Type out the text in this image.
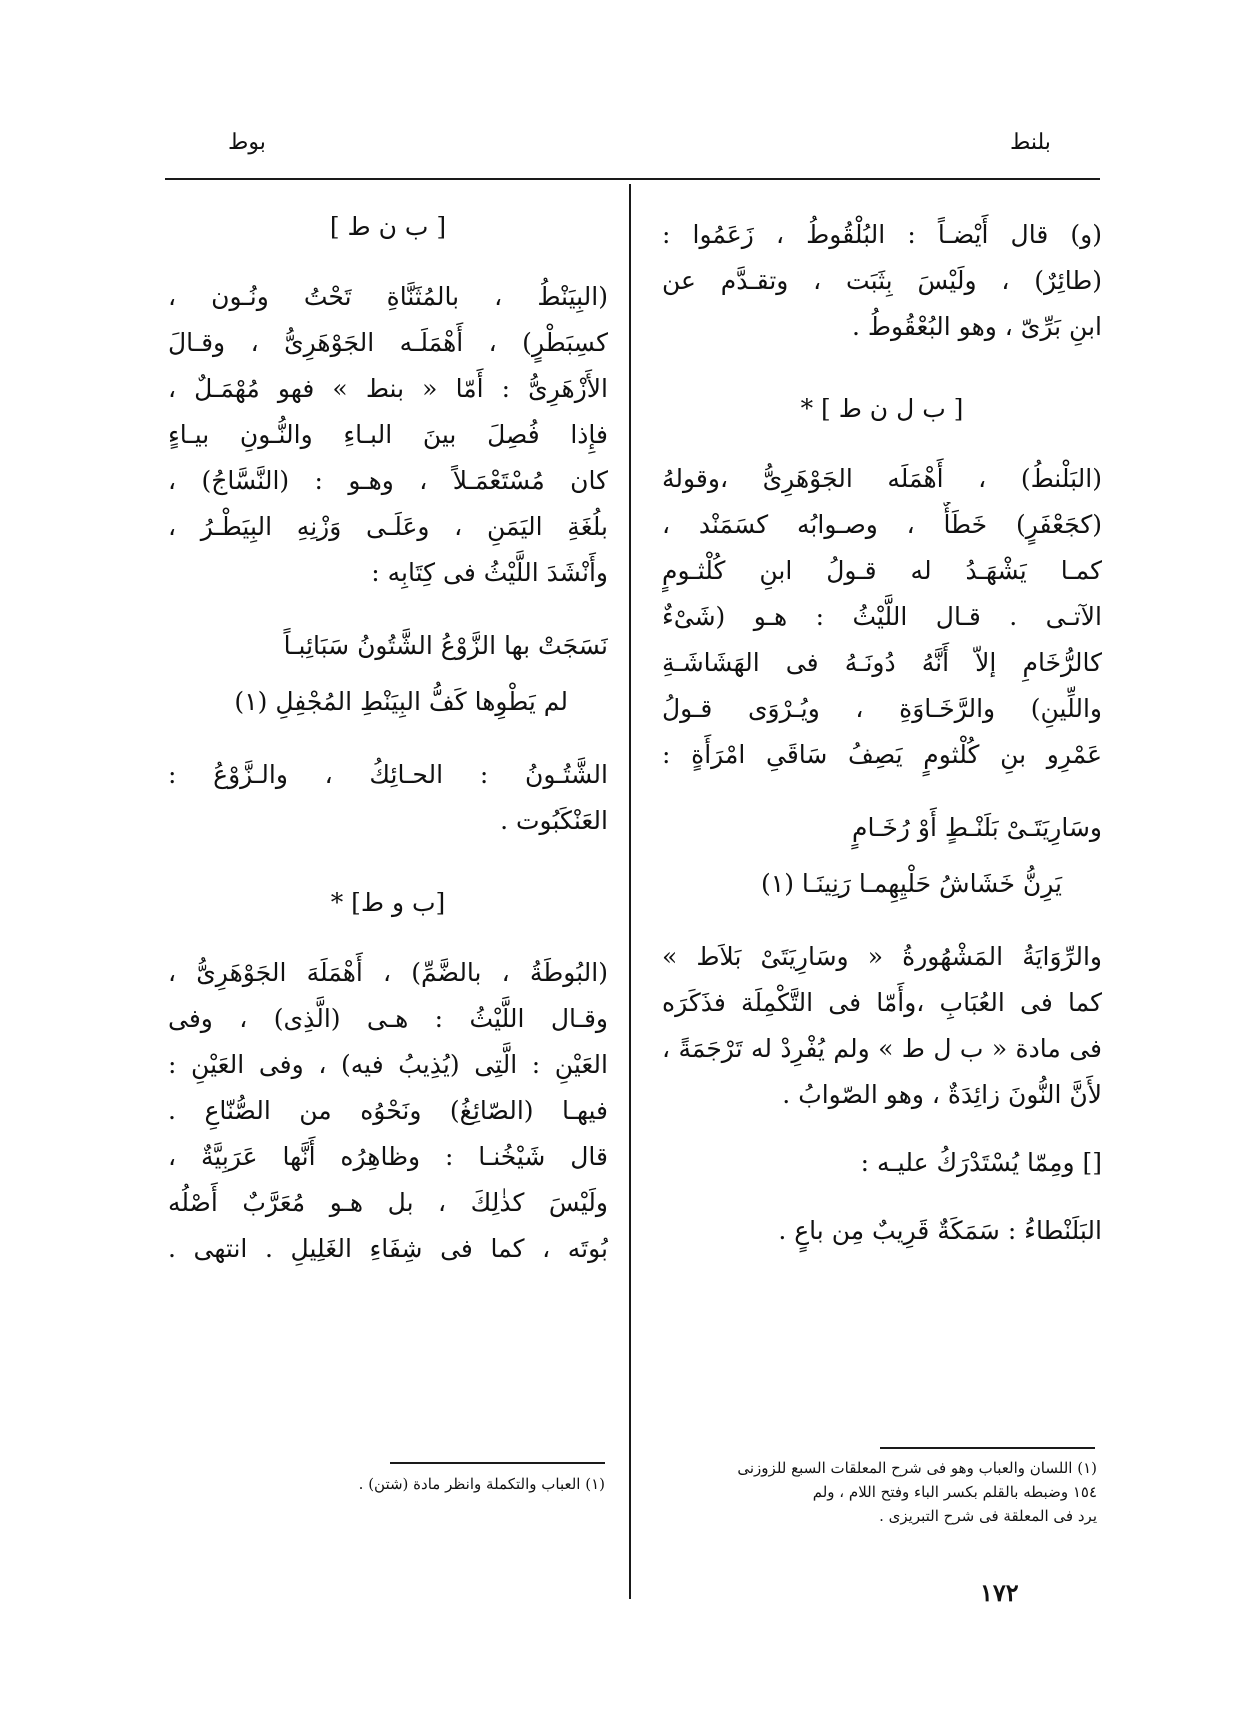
بلنط
بوط
(و) قال أَيْضـاً : البُلْقُوطُ ، زَعَمُوا :
(طائِرٌ) ، ولَيْسَ بِثَبَت ، وتقـدَّم عن
ابنِ بَرِّىّ ، وهو البُعْقُوطُ .
[ ب ل ن ط ] *
(البَلْنطُ) ، أَهْمَلَه الجَوْهَرِىُّ ،وقولهُ
(كجَعْفَرٍ) خَطَأٌ ، وصـوابُه كسَمَنْد ،
كمـا يَشْهَـدُ له قـولُ ابنِ كُلْثـومٍ
الآتـى . قـال اللَّيْثُ : هـو (شَىْءٌ
كالرُّخَامِ إلاّ أَنَّهُ دُونَـهُ فى الهَشَاشَـةِ
واللِّينِ) والرَّخَـاوَةِ ، ويُـرْوَى قـولُ
عَمْرِو بنِ كُلْثومٍ يَصِفُ سَاقَىِ امْرَأَةٍ :
وسَارِيَتَـىْ بَلَنْـطٍ أَوْ رُخَـامٍ
يَرِنُّ خَشَاشُ حَلْيِهِمـا رَنِينَـا (١)
والرِّوَايَةُ المَشْهُورةُ « وسَارِيَتَىْ بَلاَط »
كما فى العُبَابِ ،وأَمّا فى التَّكْمِلَة فذَكَرَه
فى مادة « ب ل ط » ولم يُفْرِدْ له تَرْجَمَةً ،
لأَنَّ النُّونَ زائِدَةٌ ، وهو الصّوابُ .
[] ومِمّا يُسْتَدْرَكُ عليـه :
البَلَنْطاءُ : سَمَكَةٌ قَرِيبٌ مِن باعٍ .
[ ب ن ط ]
(البِيَنْطُ ، بالمُثَنَّاةِ تَحْتُ ونُـون ،
كسِبَطْرٍ) ، أَهْمَلَـه الجَوْهَرِىُّ ، وقـالَ
الأَزْهَرِىُّ : أَمّا « بنط » فهو مُهْمَـلٌ ،
فإِذا فُصِلَ بينَ البـاءِ والنُّـونِ بيـاءٍ
كان مُسْتَعْمَـلاً ، وهـو : (النَّسَّاجُ) ،
بلُغَةِ اليَمَنِ ، وعَلَـى وَزْنِهِ البِيَطْـرُ ،
وأَنْشَدَ اللَّيْثُ فى كِتَابِه :
نَسَجَتْ بها الزَّوْعُ الشَّتُونُ سَبَائِبـاً
لم يَطْوِها كَفُّ البِيَنْطِ المُجْفِلِ (١)
الشَّتُـونُ : الحـائِكُ ، والـزَّوْعُ :
العَنْكَبُوت .
[ب و ط] *
(البُوطَةُ ، بالضَّمِّ) ، أَهْمَلَهَ الجَوْهَرِىُّ ،
وقـال اللَّيْثُ : هـى (الَّذِى) ، وفى
العَيْنِ : الَّتِى (يُذِيبُ فيه) ، وفى العَيْنِ :
فيهـا (الصّائِغُ) ونَحْوُه من الصُّنّاعِ .
قال شَيْخُنـا : وظاهِرُه أَنَّها عَرَبِيَّةٌ ،
ولَيْسَ كذٰلِكَ ، بل هـو مُعَرَّبٌ أَصْلُه
بُوتَه ، كما فى شِفَاءِ الغَلِيلِ . انتهى .
(١) اللسان والعباب وهو فى شرح المعلقات السبع للزوزنى
١٥٤ وضبطه بالقلم بكسر الباء وفتح اللام ، ولم
يرد فى المعلقة فى شرح التبريزى .
(١) العباب والتكملة وانظر مادة (شتن) .
١٧٢
